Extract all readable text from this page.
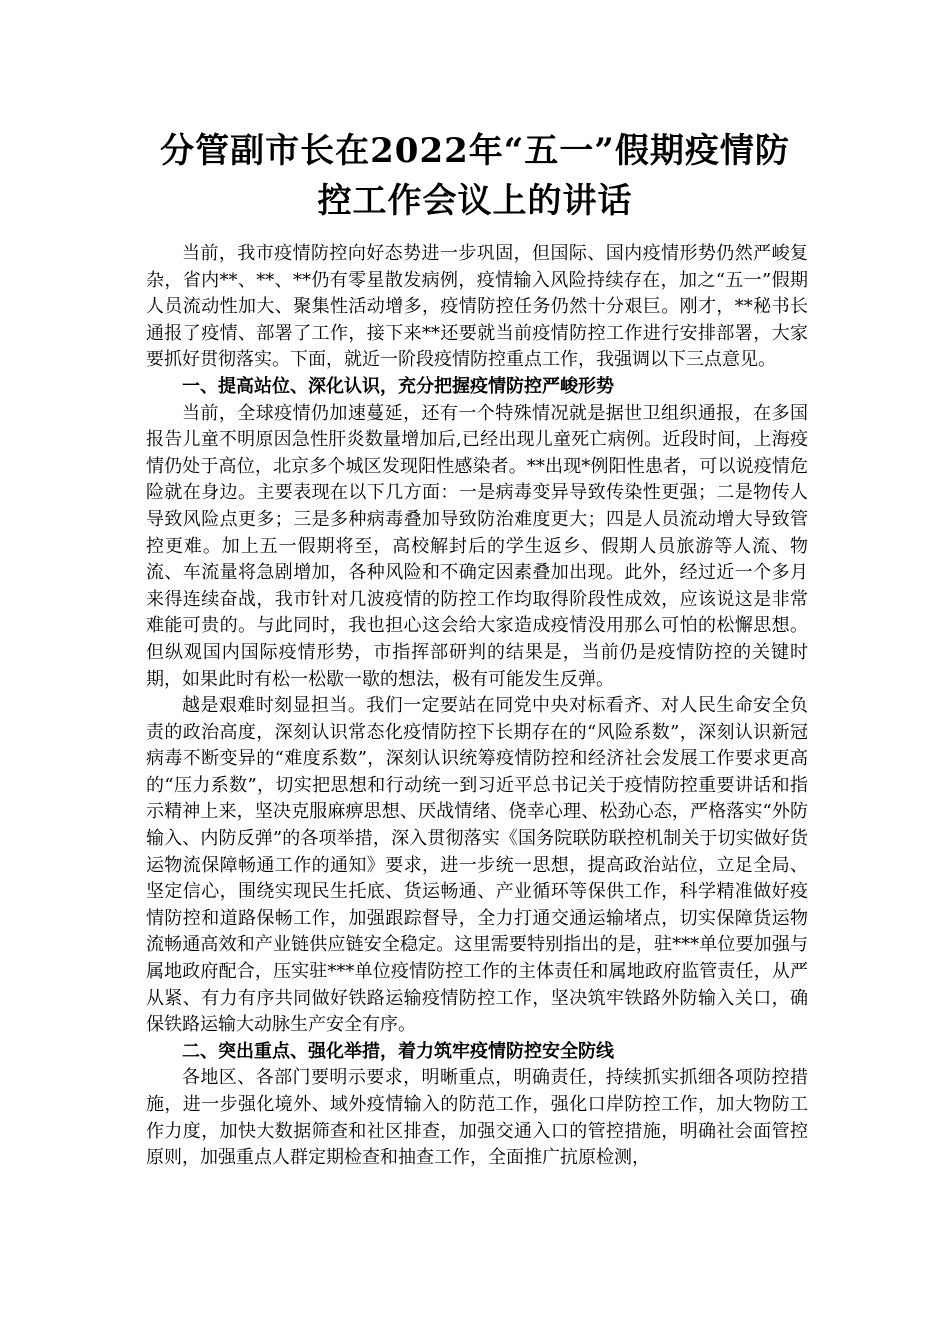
分管副市长在2022年“五一”假期疫情防
控工作会议上的讲话

当前，我市疫情防控向好态势进一步巩固，但国际、国内疫情形势仍然严峻复杂，省内**、**、**仍有零星散发病例，疫情输入风险持续存在，加之“五一”假期人员流动性加大、聚集性活动增多，疫情防控任务仍然十分艰巨。刚才，**秘书长通报了疫情、部署了工作，接下来**还要就当前疫情防控工作进行安排部署，大家要抓好贯彻落实。下面，就近一阶段疫情防控重点工作，我强调以下三点意见。

一、提高站位、深化认识，充分把握疫情防控严峻形势

当前，全球疫情仍加速蔓延，还有一个特殊情况就是据世卫组织通报，在多国报告儿童不明原因急性肝炎数量增加后,已经出现儿童死亡病例。近段时间，上海疫情仍处于高位，北京多个城区发现阳性感染者。**出现*例阳性患者，可以说疫情危险就在身边。主要表现在以下几方面：一是病毒变异导致传染性更强；二是物传人导致风险点更多；三是多种病毒叠加导致防治难度更大；四是人员流动增大导致管控更难。加上五一假期将至，高校解封后的学生返乡、假期人员旅游等人流、物流、车流量将急剧增加，各种风险和不确定因素叠加出现。此外，经过近一个多月来得连续奋战，我市针对几波疫情的防控工作均取得阶段性成效，应该说这是非常难能可贵的。与此同时，我也担心这会给大家造成疫情没用那么可怕的松懈思想。但纵观国内国际疫情形势，市指挥部研判的结果是，当前仍是疫情防控的关键时期，如果此时有松一松歇一歇的想法，极有可能发生反弹。

越是艰难时刻显担当。我们一定要站在同党中央对标看齐、对人民生命安全负责的政治高度，深刻认识常态化疫情防控下长期存在的“风险系数”，深刻认识新冠病毒不断变异的“难度系数”，深刻认识统筹疫情防控和经济社会发展工作要求更高的“压力系数”，切实把思想和行动统一到习近平总书记关于疫情防控重要讲话和指示精神上来，坚决克服麻痹思想、厌战情绪、侥幸心理、松劲心态，严格落实“外防输入、内防反弹”的各项举措，深入贯彻落实《国务院联防联控机制关于切实做好货运物流保障畅通工作的通知》要求，进一步统一思想，提高政治站位，立足全局、坚定信心，围绕实现民生托底、货运畅通、产业循环等保供工作，科学精准做好疫情防控和道路保畅工作，加强跟踪督导，全力打通交通运输堵点，切实保障货运物流畅通高效和产业链供应链安全稳定。这里需要特别指出的是，驻***单位要加强与属地政府配合，压实驻***单位疫情防控工作的主体责任和属地政府监管责任，从严从紧、有力有序共同做好铁路运输疫情防控工作，坚决筑牢铁路外防输入关口，确保铁路运输大动脉生产安全有序。

二、突出重点、强化举措，着力筑牢疫情防控安全防线

各地区、各部门要明示要求，明晰重点，明确责任，持续抓实抓细各项防控措施，进一步强化境外、域外疫情输入的防范工作，强化口岸防控工作，加大物防工作力度，加快大数据筛查和社区排查，加强交通入口的管控措施，明确社会面管控原则，加强重点人群定期检查和抽查工作，全面推广抗原检测，
